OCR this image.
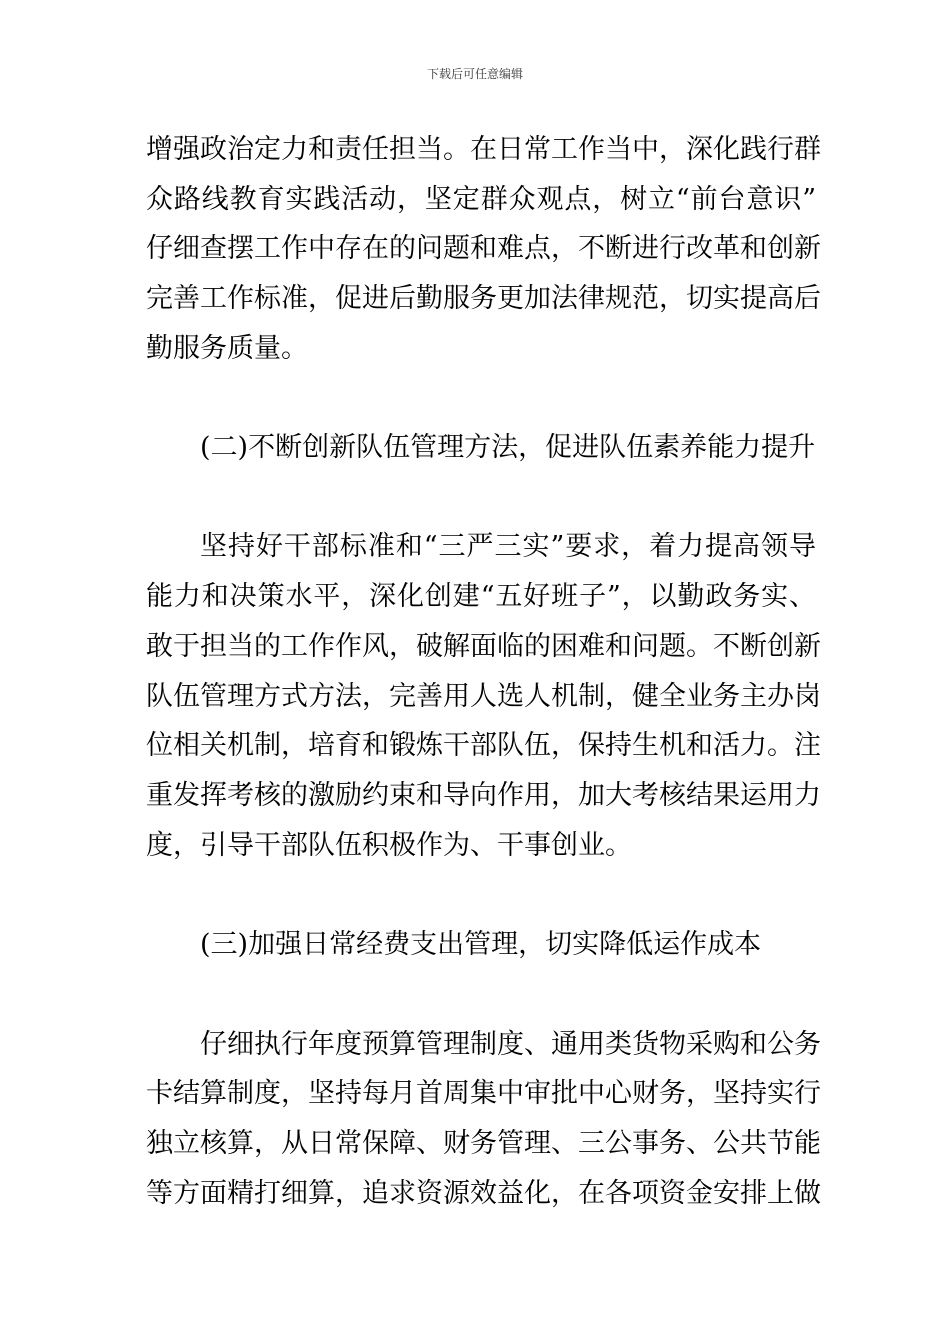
下载后可任意编辑
增强政治定力和责任担当。在日常工作当中，深化践行群
众路线教育实践活动，坚定群众观点，树立“前台意识”
仔细查摆工作中存在的问题和难点，不断进行改革和创新
完善工作标准，促进后勤服务更加法律规范，切实提高后
勤服务质量。
(二)不断创新队伍管理方法，促进队伍素养能力提升
坚持好干部标准和“三严三实”要求，着力提高领导
能力和决策水平，深化创建“五好班子”，以勤政务实、
敢于担当的工作作风，破解面临的困难和问题。不断创新
队伍管理方式方法，完善用人选人机制，健全业务主办岗
位相关机制，培育和锻炼干部队伍，保持生机和活力。注
重发挥考核的激励约束和导向作用，加大考核结果运用力
度，引导干部队伍积极作为、干事创业。
(三)加强日常经费支出管理，切实降低运作成本
仔细执行年度预算管理制度、通用类货物采购和公务
卡结算制度，坚持每月首周集中审批中心财务，坚持实行
独立核算，从日常保障、财务管理、三公事务、公共节能
等方面精打细算，追求资源效益化，在各项资金安排上做
